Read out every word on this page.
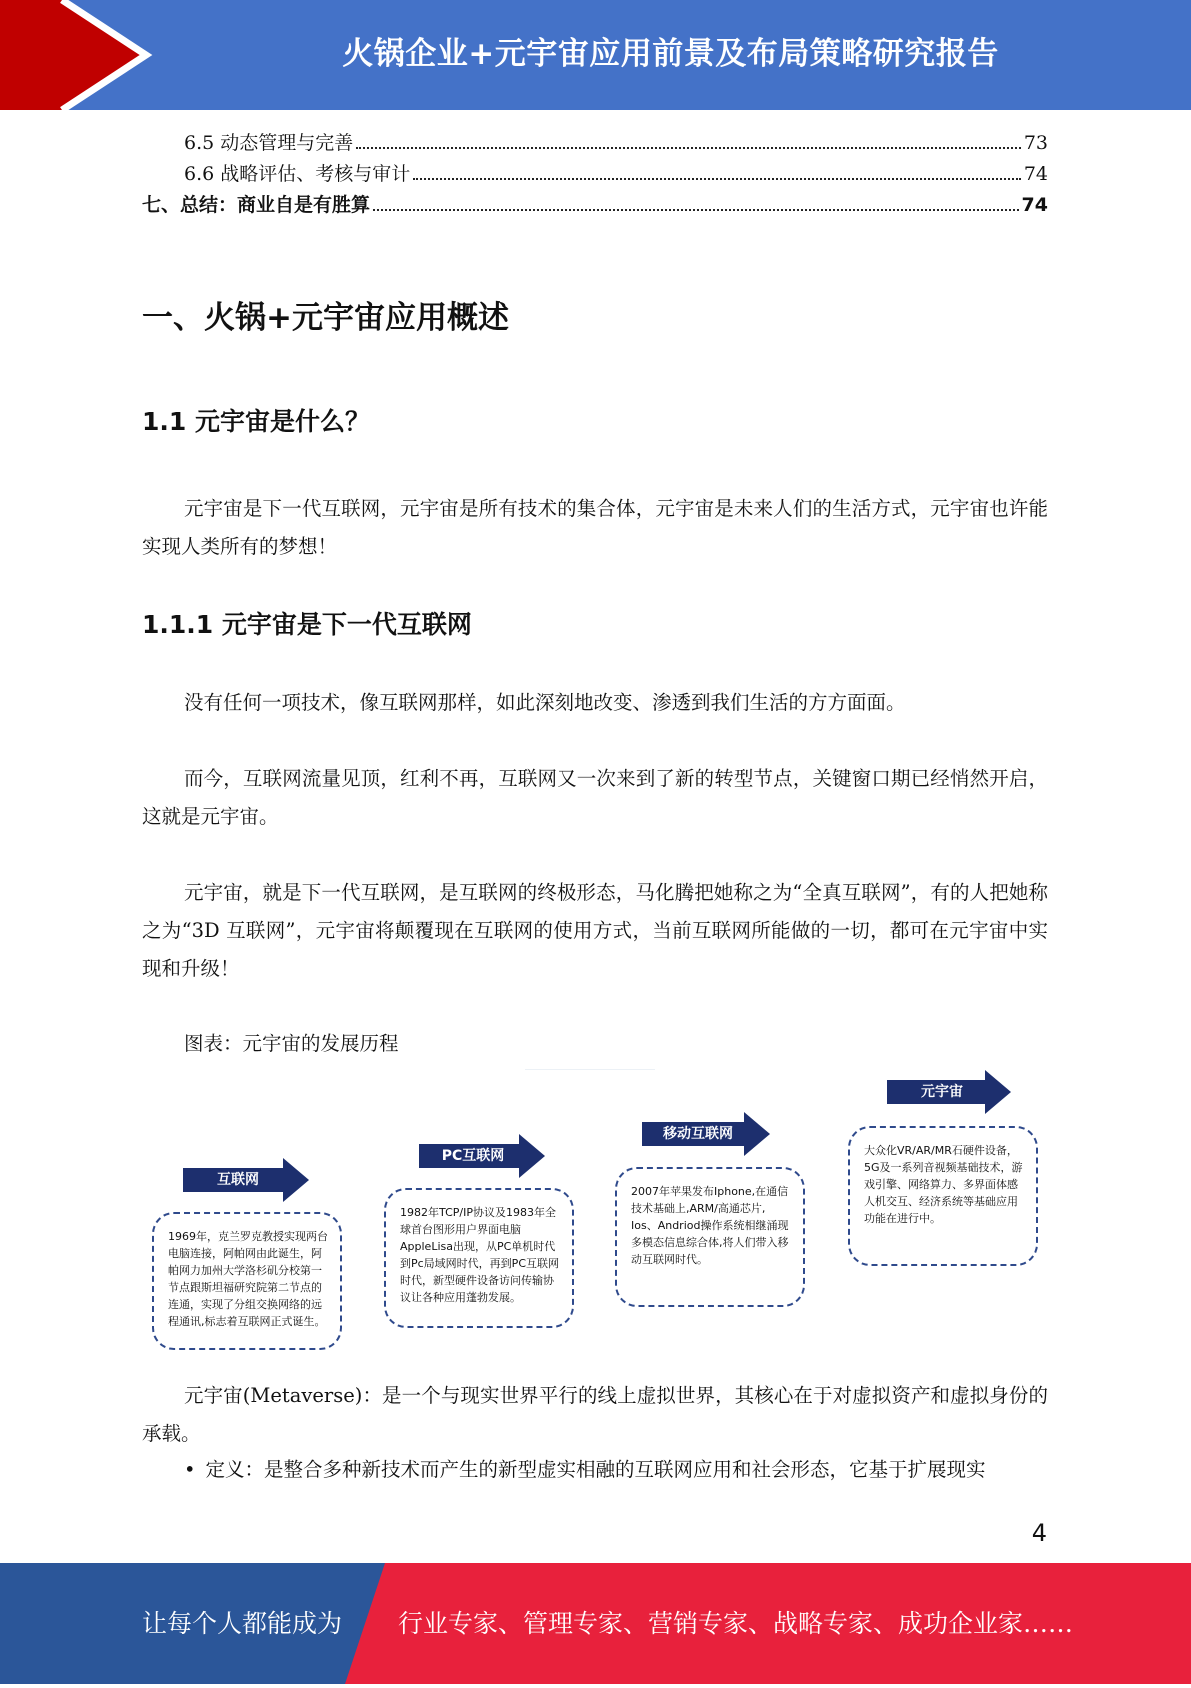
火锅企业+元宇宙应用前景及布局策略研究报告
6.5 动态管理与完善	73
6.6 战略评估、考核与审计	74
七、总结：商业自是有胜算	74
一、火锅+元宇宙应用概述
1.1 元宇宙是什么？
元宇宙是下一代互联网，元宇宙是所有技术的集合体，元宇宙是未来人们的生活方式，元宇宙也许能实现人类所有的梦想！
1.1.1 元宇宙是下一代互联网
没有任何一项技术，像互联网那样，如此深刻地改变、渗透到我们生活的方方面面。
而今，互联网流量见顶，红利不再，互联网又一次来到了新的转型节点，关键窗口期已经悄然开启，这就是元宇宙。
元宇宙，就是下一代互联网，是互联网的终极形态，马化腾把她称之为“全真互联网”，有的人把她称之为“3D 互联网”，元宇宙将颠覆现在互联网的使用方式，当前互联网所能做的一切，都可在元宇宙中实现和升级！
图表：元宇宙的发展历程
互联网
1969年，克兰罗克教授实现两台电脑连接，阿帕网由此诞生，阿帕网力加州大学洛杉矶分校第一节点跟斯坦福研究院第二节点的连通，实现了分组交换网络的远程通讯,标志着互联网正式诞生。
PC互联网
1982年TCP/IP协议及1983年全球首台图形用户界面电脑AppleLisa出现，从PC单机时代到Pc局域网时代，再到PC互联网时代，新型硬件设备访问传输协议让各种应用蓬勃发展。
移动互联网
2007年苹果发布Iphone,在通信技术基础上,ARM/高通芯片, Ios、Andriod操作系统相继涌现多模态信息综合体,将人们带入移动互联网时代。
元宇宙
大众化VR/AR/MR石硬件设备，5G及一系列音视频基础技术，游戏引擎、网络算力、多界面体感人机交互、经济系统等基础应用功能在进行中。
元宇宙(Metaverse)：是一个与现实世界平行的线上虚拟世界，其核心在于对虚拟资产和虚拟身份的承载。
• 定义：是整合多种新技术而产生的新型虚实相融的互联网应用和社会形态，它基于扩展现实
4
让每个人都能成为 行业专家、管理专家、营销专家、战略专家、成功企业家……
